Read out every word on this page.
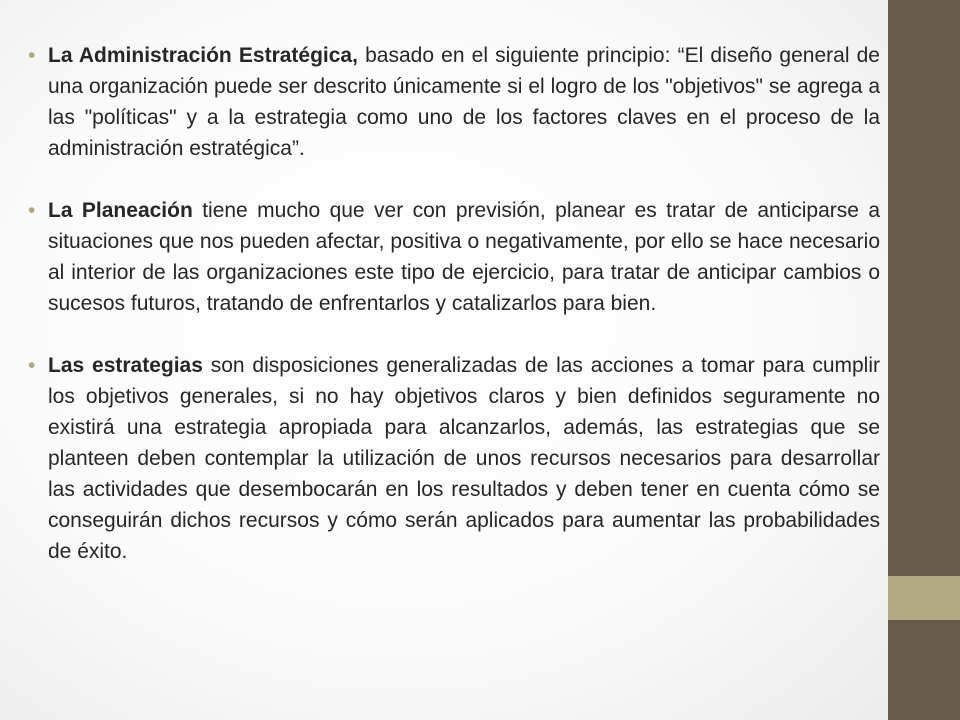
• La Administración Estratégica, basado en el siguiente principio: “El diseño general de una organización puede ser descrito únicamente si el logro de los "objetivos" se agrega a las "políticas" y a la estrategia como uno de los factores claves en el proceso de la administración estratégica”.
• La Planeación tiene mucho que ver con previsión, planear es tratar de anticiparse a situaciones que nos pueden afectar, positiva o negativamente, por ello se hace necesario al interior de las organizaciones este tipo de ejercicio, para tratar de anticipar cambios o sucesos futuros, tratando de enfrentarlos y catalizarlos para bien.
• Las estrategias son disposiciones generalizadas de las acciones a tomar para cumplir los objetivos generales, si no hay objetivos claros y bien definidos seguramente no existirá una estrategia apropiada para alcanzarlos, además, las estrategias que se planteen deben contemplar la utilización de unos recursos necesarios para desarrollar las actividades que desembocarán en los resultados y deben tener en cuenta cómo se conseguirán dichos recursos y cómo serán aplicados para aumentar las probabilidades de éxito.
